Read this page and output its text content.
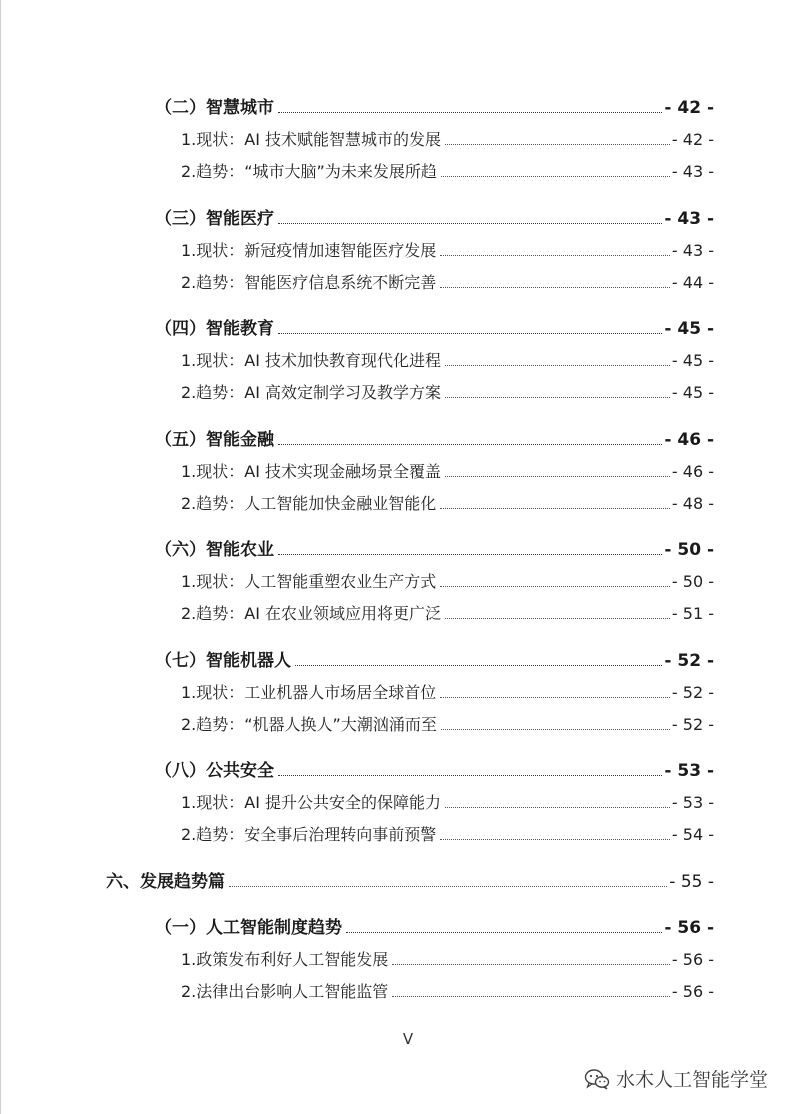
（二）智慧城市	- 42 -
1.现状：AI 技术赋能智慧城市的发展	- 42 -
2.趋势：“城市大脑”为未来发展所趋	- 43 -
（三）智能医疗	- 43 -
1.现状：新冠疫情加速智能医疗发展	- 43 -
2.趋势：智能医疗信息系统不断完善	- 44 -
（四）智能教育	- 45 -
1.现状：AI 技术加快教育现代化进程	- 45 -
2.趋势：AI 高效定制学习及教学方案	- 45 -
（五）智能金融	- 46 -
1.现状：AI 技术实现金融场景全覆盖	- 46 -
2.趋势：人工智能加快金融业智能化	- 48 -
（六）智能农业	- 50 -
1.现状：人工智能重塑农业生产方式	- 50 -
2.趋势：AI 在农业领域应用将更广泛	- 51 -
（七）智能机器人	- 52 -
1.现状：工业机器人市场居全球首位	- 52 -
2.趋势：“机器人换人”大潮汹涌而至	- 52 -
（八）公共安全	- 53 -
1.现状：AI 提升公共安全的保障能力	- 53 -
2.趋势：安全事后治理转向事前预警	- 54 -
六、发展趋势篇	- 55 -
（一）人工智能制度趋势	- 56 -
1.政策发布利好人工智能发展	- 56 -
2.法律出台影响人工智能监管	- 56 -
V
水木人工智能学堂
